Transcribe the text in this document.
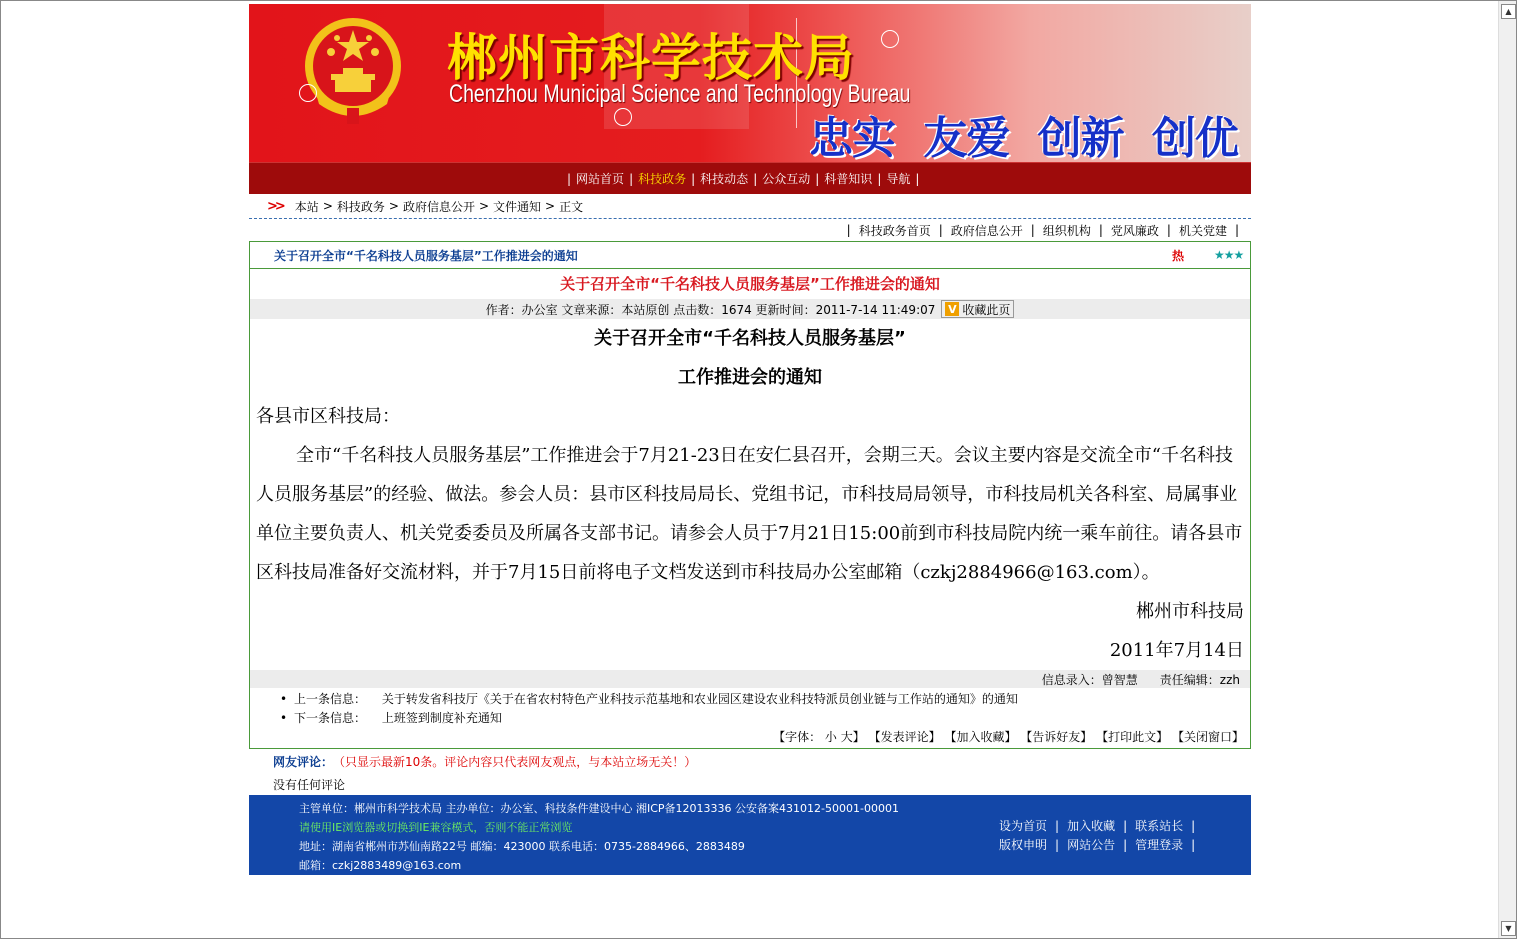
郴州市科学技术局
Chenzhou Municipal Science and Technology Bureau
忠实 友爱 创新 创优
| 网站首页 | 科技政务 | 科技动态 | 公众互动 | 科普知识 | 导航 |
>> 本站 > 科技政务 > 政府信息公开 > 文件通知 > 正文
| 科技政务首页 | 政府信息公开 | 组织机构 | 党风廉政 | 机关党建 |
关于召开全市“千名科技人员服务基层”工作推进会的通知	热 ★★★
关于召开全市“千名科技人员服务基层”工作推进会的通知
作者：办公室 文章来源：本站原创 点击数：1674 更新时间：2011-7-14 11:49:07 V 收藏此页
关于召开全市“千名科技人员服务基层”
工作推进会的通知
各县市区科技局：
全市“千名科技人员服务基层”工作推进会于7月21-23日在安仁县召开，会期三天。会议主要内容是交流全市“千名科技人员服务基层”的经验、做法。参会人员：县市区科技局局长、党组书记，市科技局局领导，市科技局机关各科室、局属事业单位主要负责人、机关党委委员及所属各支部书记。请参会人员于7月21日15:00前到市科技局院内统一乘车前往。请各县市区科技局准备好交流材料，并于7月15日前将电子文档发送到市科技局办公室邮箱（czkj2884966@163.com）。
郴州市科技局
2011年7月14日
信息录入：曾智慧 责任编辑：zzh
• 上一条信息： 关于转发省科技厅《关于在省农村特色产业科技示范基地和农业园区建设农业科技特派员创业链与工作站的通知》的通知
• 下一条信息： 上班签到制度补充通知
【字体： 小 大】 【发表评论】 【加入收藏】 【告诉好友】 【打印此文】 【关闭窗口】
网友评论： （只显示最新10条。评论内容只代表网友观点，与本站立场无关！）
没有任何评论
主管单位：郴州市科学技术局 主办单位：办公室、科技条件建设中心 湘ICP备12013336 公安备案431012-50001-00001
请使用IE浏览器或切换到IE兼容模式，否则不能正常浏览
地址：湖南省郴州市苏仙南路22号 邮编：423000 联系电话：0735-2884966、2883489
邮箱：czkj2883489@163.com
设为首页 | 加入收藏 | 联系站长 |
版权申明 | 网站公告 | 管理登录 |
▲
▼
